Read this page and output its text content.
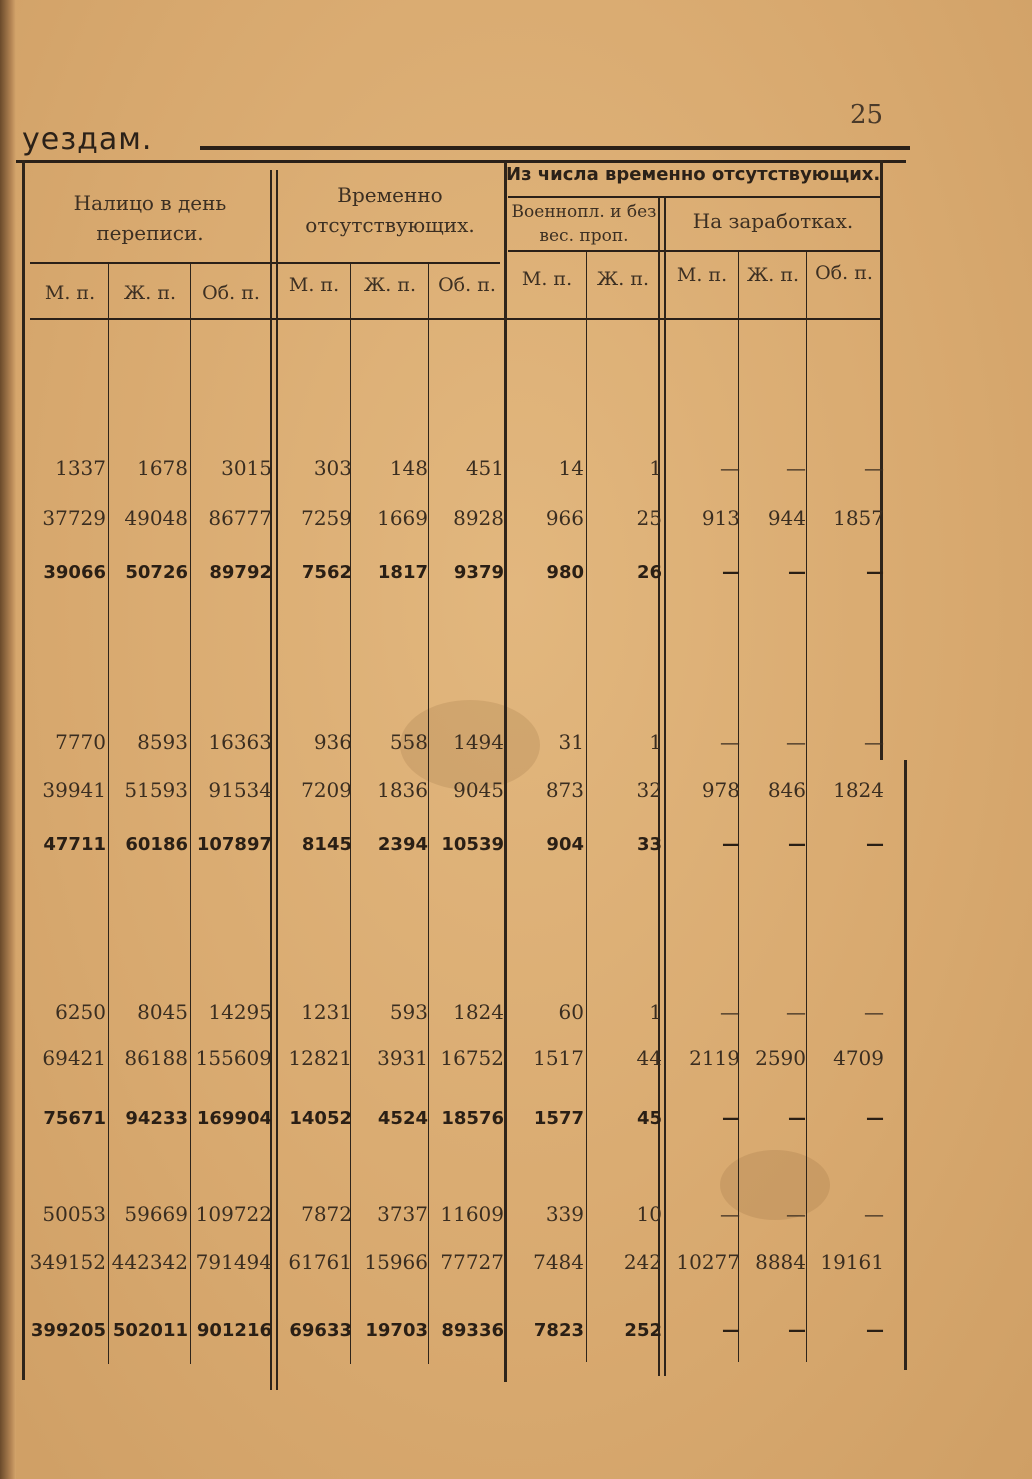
25
уездам.
Налицо в день переписи.
Временно отсутствующих.
Из числа временно отсутствующих.
Военнопл. и без вес. проп.
На заработках.
М. п.	Ж. п.	Об. п.	М. п.	Ж. п.	Об. п.	М. п.	Ж. п.	М. п.	Ж. п. Об. п.
1337 1678 3015 303 148 451	14	1	— —	—
37729 49048 86777 7259 1669 8928 966	25 913 944 1857
39066 50726 89792 7562 1817 9379 980	26	—	—	—
7770 8593 16363 936 558 1494	31	1	— —	—
39941 51593 91534 7209 1836 9045 873	32 978 846 1824
47711 60186 107897 8145 2394 10539 904	33	—	—	—
6250 8045 14295 1231 593 1824	60	1	— —	—
69421 86188 155609 12821 3931 16752 1517	44 2119 2590 4709
75671 94233 169904 14052 4524 18576 1577	45	—	—	—
50053 59669 109722 7872 3737 11609 339	10	— —	—
349152 442342 791494 61761 15966 77727 7484 242 10277 8884 19161
399205 502011 901216 69633 19703 89336 7823 252	—	—	—
